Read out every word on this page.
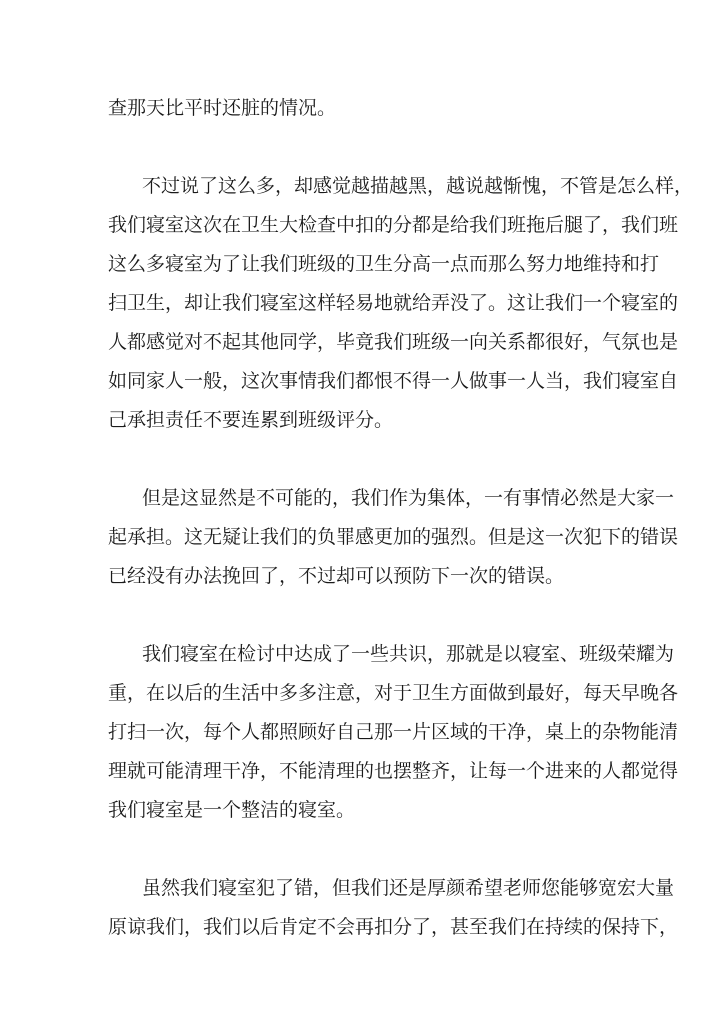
查那天比平时还脏的情况。
不过说了这么多，却感觉越描越黑，越说越惭愧，不管是怎么样，
我们寝室这次在卫生大检查中扣的分都是给我们班拖后腿了，我们班
这么多寝室为了让我们班级的卫生分高一点而那么努力地维持和打
扫卫生，却让我们寝室这样轻易地就给弄没了。这让我们一个寝室的
人都感觉对不起其他同学，毕竟我们班级一向关系都很好，气氛也是
如同家人一般，这次事情我们都恨不得一人做事一人当，我们寝室自
己承担责任不要连累到班级评分。
但是这显然是不可能的，我们作为集体，一有事情必然是大家一
起承担。这无疑让我们的负罪感更加的强烈。但是这一次犯下的错误
已经没有办法挽回了，不过却可以预防下一次的错误。
我们寝室在检讨中达成了一些共识，那就是以寝室、班级荣耀为
重，在以后的生活中多多注意，对于卫生方面做到最好，每天早晚各
打扫一次，每个人都照顾好自己那一片区域的干净，桌上的杂物能清
理就可能清理干净，不能清理的也摆整齐，让每一个进来的人都觉得
我们寝室是一个整洁的寝室。
虽然我们寝室犯了错，但我们还是厚颜希望老师您能够宽宏大量
原谅我们，我们以后肯定不会再扣分了，甚至我们在持续的保持下，
